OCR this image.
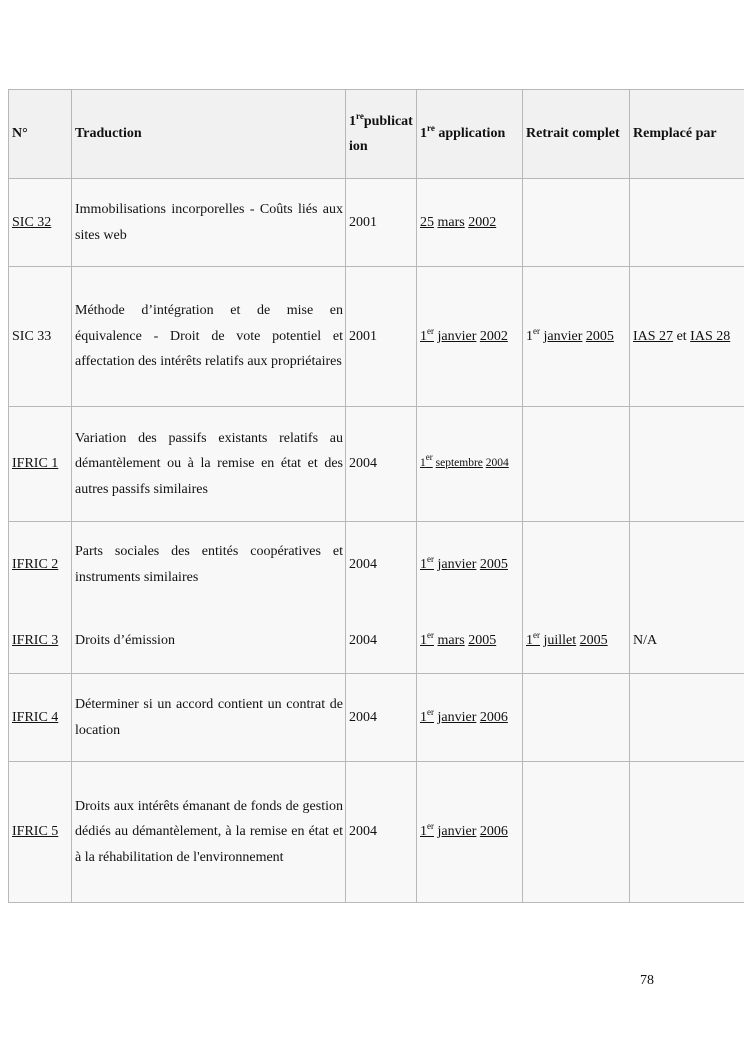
N°	Traduction	1republication	1re application	Retrait complet	Remplacé par
SIC 32	Immobilisations incorporelles - Coûts liés aux sites web	2001	25 mars 2002		
SIC 33	Méthode d’intégration et de mise en équivalence - Droit de vote potentiel et affectation des intérêts relatifs aux propriétaires	2001	1er janvier 2002	1er janvier 2005	IAS 27 et IAS 28
IFRIC 1	Variation des passifs existants relatifs au démantèlement ou à la remise en état et des autres passifs similaires	2004	1er septembre 2004		
IFRIC 2	Parts sociales des entités coopératives et instruments similaires	2004	1er janvier 2005		
IFRIC 3	Droits d’émission	2004	1er mars 2005	1er juillet 2005	N/A
IFRIC 4	Déterminer si un accord contient un contrat de location	2004	1er janvier 2006		
IFRIC 5	Droits aux intérêts émanant de fonds de gestion dédiés au démantèlement, à la remise en état et à la réhabilitation de l'environnement	2004	1er janvier 2006		
78
